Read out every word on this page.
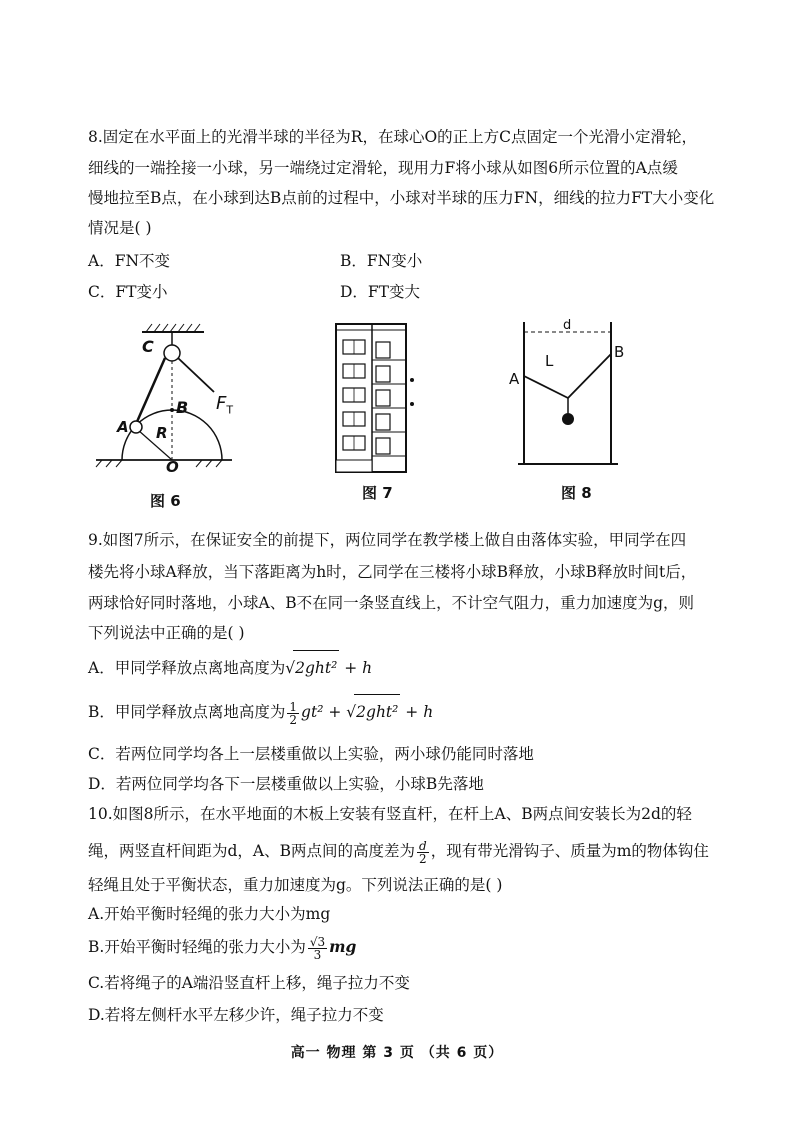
8.固定在水平面上的光滑半球的半径为R，在球心O的正上方C点固定一个光滑小定滑轮，
细线的一端拴接一小球，另一端绕过定滑轮，现用力F将小球从如图6所示位置的A点缓
慢地拉至B点，在小球到达B点前的过程中，小球对半球的压力FN，细线的拉力FT大小变化
情况是( )
A．FN不变	B．FN变小
C．FT变小	D．FT变大
C
B
A R
O
$F_T$
图 6	图 7
d
L
A
B
图 8
9.如图7所示，在保证安全的前提下，两位同学在教学楼上做自由落体实验，甲同学在四
楼先将小球A释放，当下落距离为h时，乙同学在三楼将小球B释放，小球B释放时间t后，
两球恰好同时落地，小球A、B不在同一条竖直线上，不计空气阻力，重力加速度为g，则
下列说法中正确的是( )
A．甲同学释放点离地高度为√2ght² + h
B．甲同学释放点离地高度为 $\frac{1}{2} gt^2 + √2ght^2 + h$
C．若两位同学均各上一层楼重做以上实验，两小球仍能同时落地
D．若两位同学均各下一层楼重做以上实验，小球B先落地
10.如图8所示，在水平地面的木板上安装有竖直杆，在杆上A、B两点间安装长为2d的轻
绳，两竖直杆间距为d，A、B两点间的高度差为 $\frac{d}{2}$ ，现有带光滑钩子、质量为m的物体钩住
轻绳且处于平衡状态，重力加速度为g。下列说法正确的是( )
A.开始平衡时轻绳的张力大小为mg
B.开始平衡时轻绳的张力大小为 $\frac{√3}{3}$ mg
C.若将绳子的A端沿竖直杆上移，绳子拉力不变
D.若将左侧杆水平左移少许，绳子拉力不变
高一 物理 第 3 页 （共 6 页）
